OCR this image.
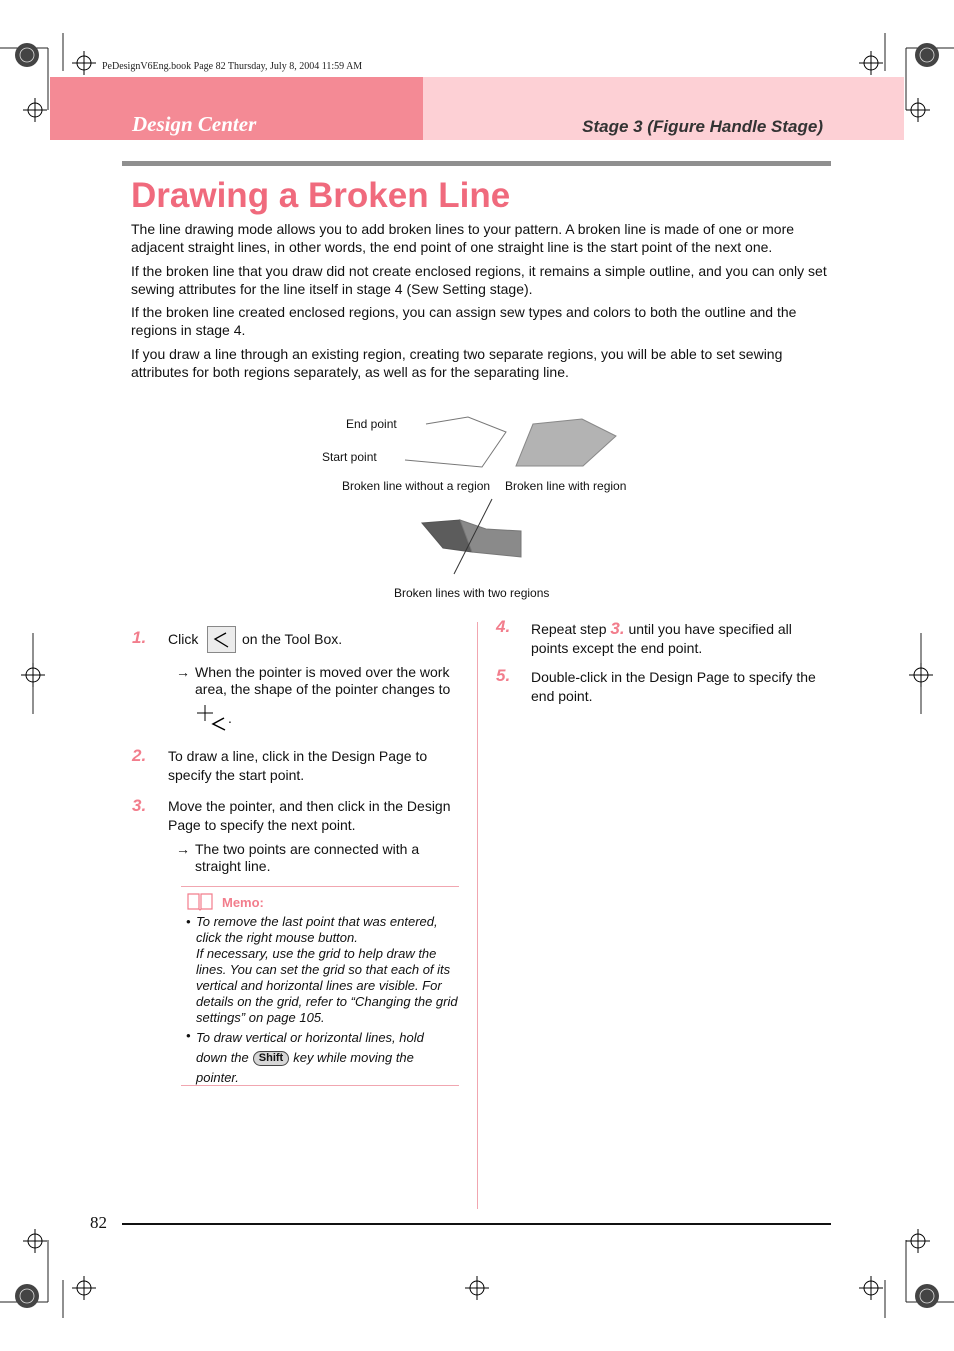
PeDesignV6Eng.book Page 82 Thursday, July 8, 2004 11:59 AM
Design Center	Stage 3 (Figure Handle Stage)
Drawing a Broken Line

The line drawing mode allows you to add broken lines to your pattern. A broken line is made of one or more adjacent straight lines, in other words, the end point of one straight line is the start point of the next one.

If the broken line that you draw did not create enclosed regions, it remains a simple outline, and you can only set sewing attributes for the line itself in stage 4 (Sew Setting stage).

If the broken line created enclosed regions, you can assign sew types and colors to both the outline and the regions in stage 4.

If you draw a line through an existing region, creating two separate regions, you will be able to set sewing attributes for both regions separately, as well as for the separating line.

End point
Start point
Broken line without a region Broken line with region
Broken lines with two regions
1. Click	on the Tool Box.
→ When the pointer is moved over the work area, the shape of the pointer changes to
.
2. To draw a line, click in the Design Page to specify the start point.
3. Move the pointer, and then click in the Design Page to specify the next point.
→ The two points are connected with a straight line.
Memo:
• To remove the last point that was entered, click the right mouse button.
If necessary, use the grid to help draw the lines. You can set the grid so that each of its vertical and horizontal lines are visible. For details on the grid, refer to “Changing the grid settings” on page 105.
• To draw vertical or horizontal lines, hold down the Shift key while moving the pointer.
4. Repeat step 3. until you have specified all points except the end point.
5. Double-click in the Design Page to specify the end point.
82
